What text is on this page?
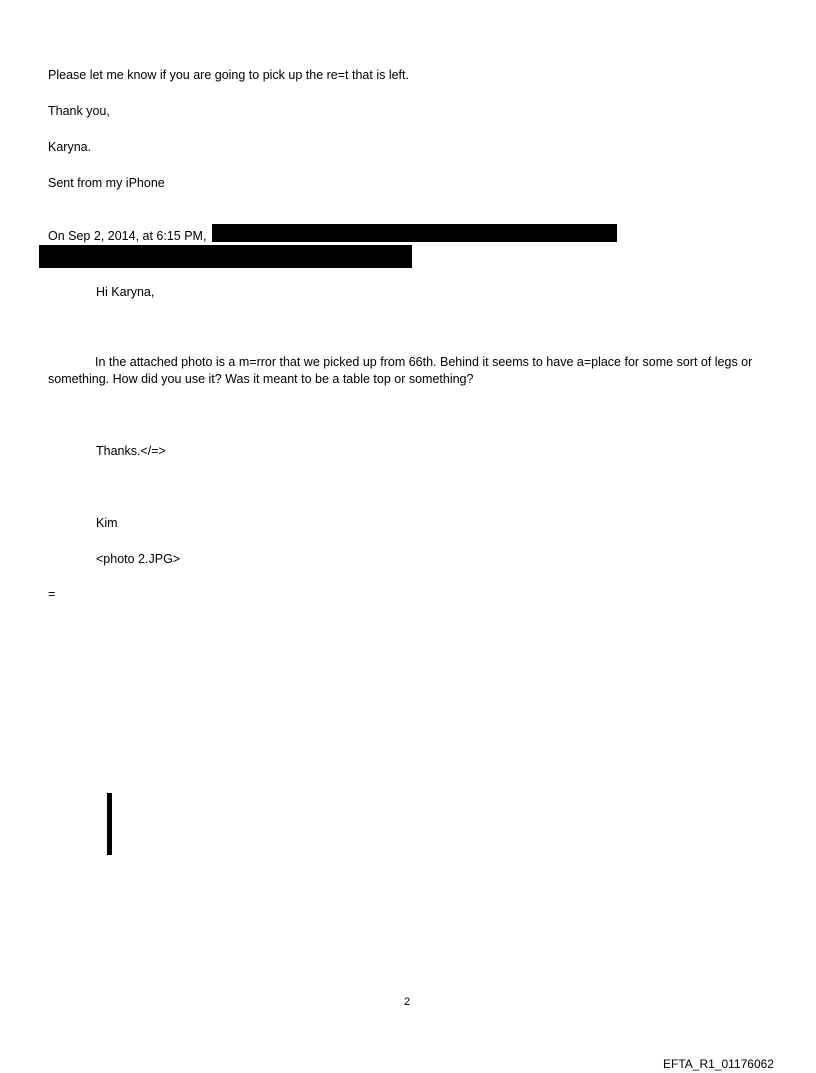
Please let me know if you are going to pick up the re=t that is left.
Thank you,
Karyna.
Sent from my iPhone
On Sep 2, 2014, at 6:15 PM,
Hi Karyna,
In the attached photo is a m=rror that we picked up from 66th. Behind it seems to have a=place for some sort of legs or something. How did you use it? Was it meant to be a table top or something?
Thanks.</=>
Kim
<photo 2.JPG>
=
2
EFTA_R1_01176062
